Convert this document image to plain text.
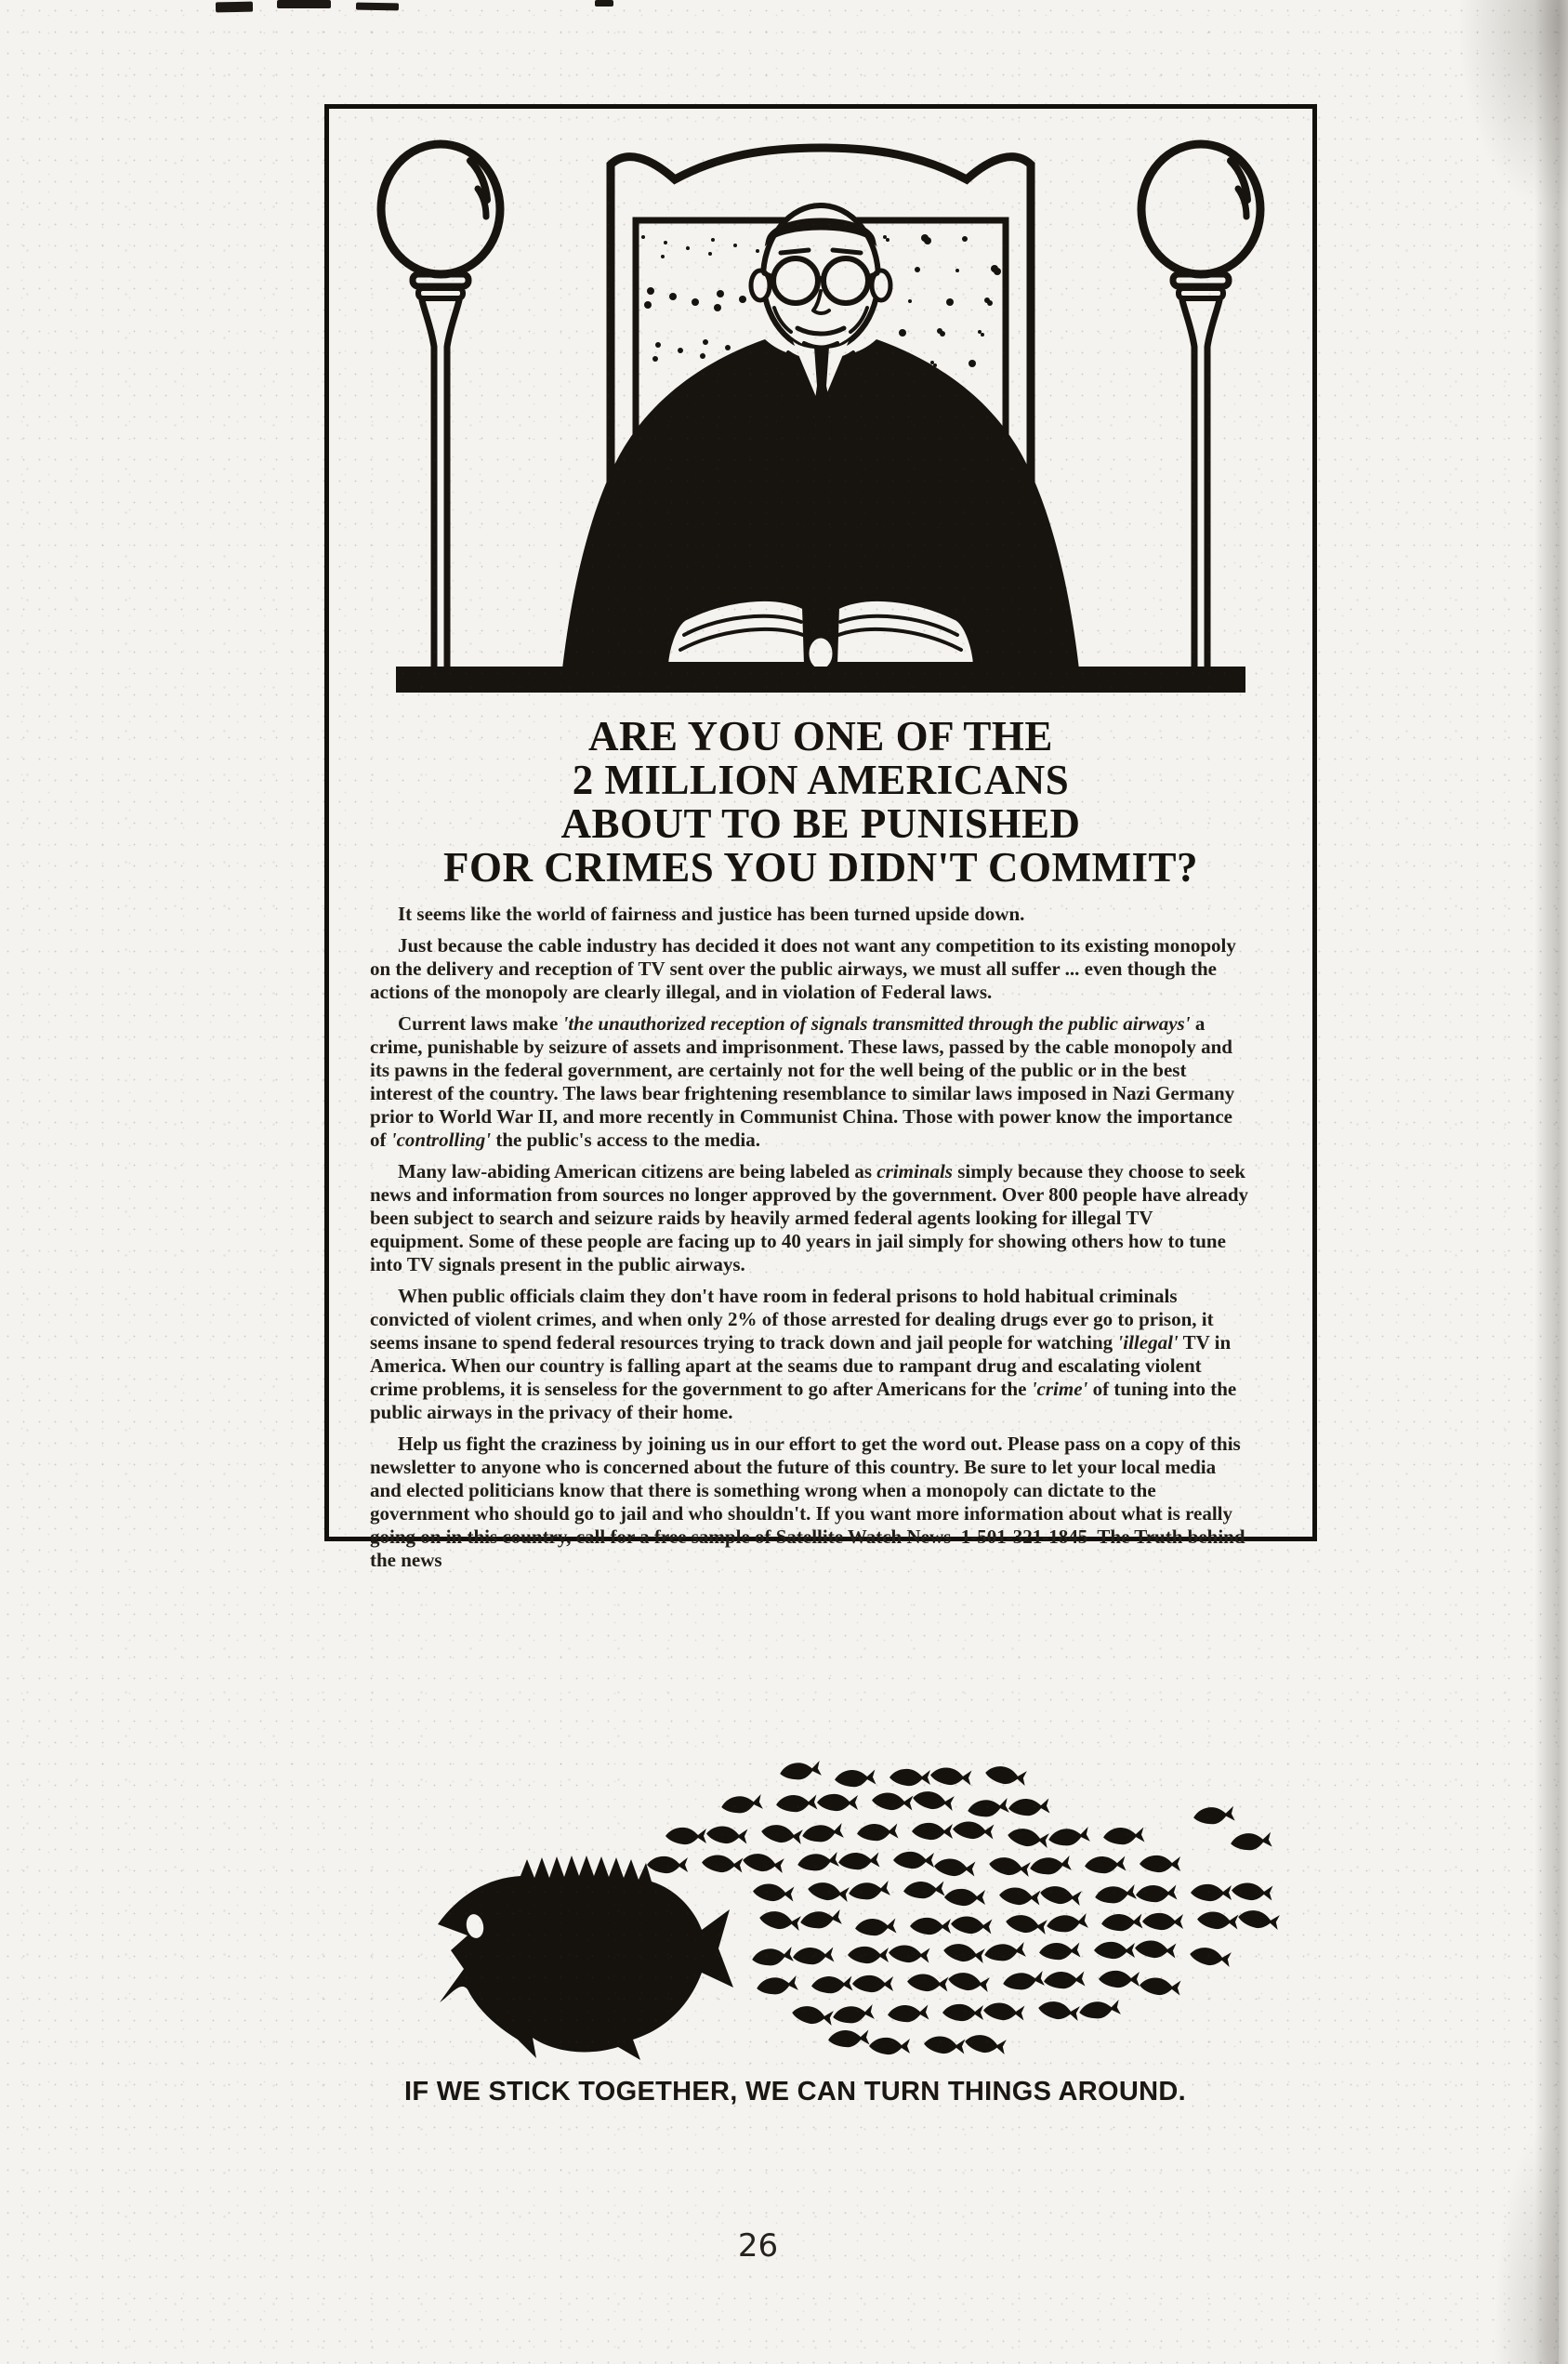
ARE YOU ONE OF THE
2 MILLION AMERICANS
ABOUT TO BE PUNISHED
FOR CRIMES YOU DIDN'T COMMIT?

It seems like the world of fairness and justice has been turned upside down.

Just because the cable industry has decided it does not want any competition to its existing monopoly on the delivery and reception of TV sent over the public airways, we must all suffer ... even though the actions of the monopoly are clearly illegal, and in violation of Federal laws.

Current laws make 'the unauthorized reception of signals transmitted through the public airways' a crime, punishable by seizure of assets and imprisonment. These laws, passed by the cable monopoly and its pawns in the federal government, are certainly not for the well being of the public or in the best interest of the country. The laws bear frightening resemblance to similar laws imposed in Nazi Germany prior to World War II, and more recently in Communist China. Those with power know the importance of 'controlling' the public's access to the media.

Many law-abiding American citizens are being labeled as criminals simply because they choose to seek news and information from sources no longer approved by the government. Over 800 people have already been subject to search and seizure raids by heavily armed federal agents looking for illegal TV equipment. Some of these people are facing up to 40 years in jail simply for showing others how to tune into TV signals present in the public airways.

When public officials claim they don't have room in federal prisons to hold habitual criminals convicted of violent crimes, and when only 2% of those arrested for dealing drugs ever go to prison, it seems insane to spend federal resources trying to track down and jail people for watching 'illegal' TV in America. When our country is falling apart at the seams due to rampant drug and escalating violent crime problems, it is senseless for the government to go after Americans for the 'crime' of tuning into the public airways in the privacy of their home.

Help us fight the craziness by joining us in our effort to get the word out. Please pass on a copy of this newsletter to anyone who is concerned about the future of this country. Be sure to let your local media and elected politicians know that there is something wrong when a monopoly can dictate to the government who should go to jail and who shouldn't. If you want more information about what is really going on in this country, call for a free sample of Satellite Watch News  1-501-321-1845  The Truth behind the news

IF WE STICK TOGETHER, WE CAN TURN THINGS AROUND.
26
